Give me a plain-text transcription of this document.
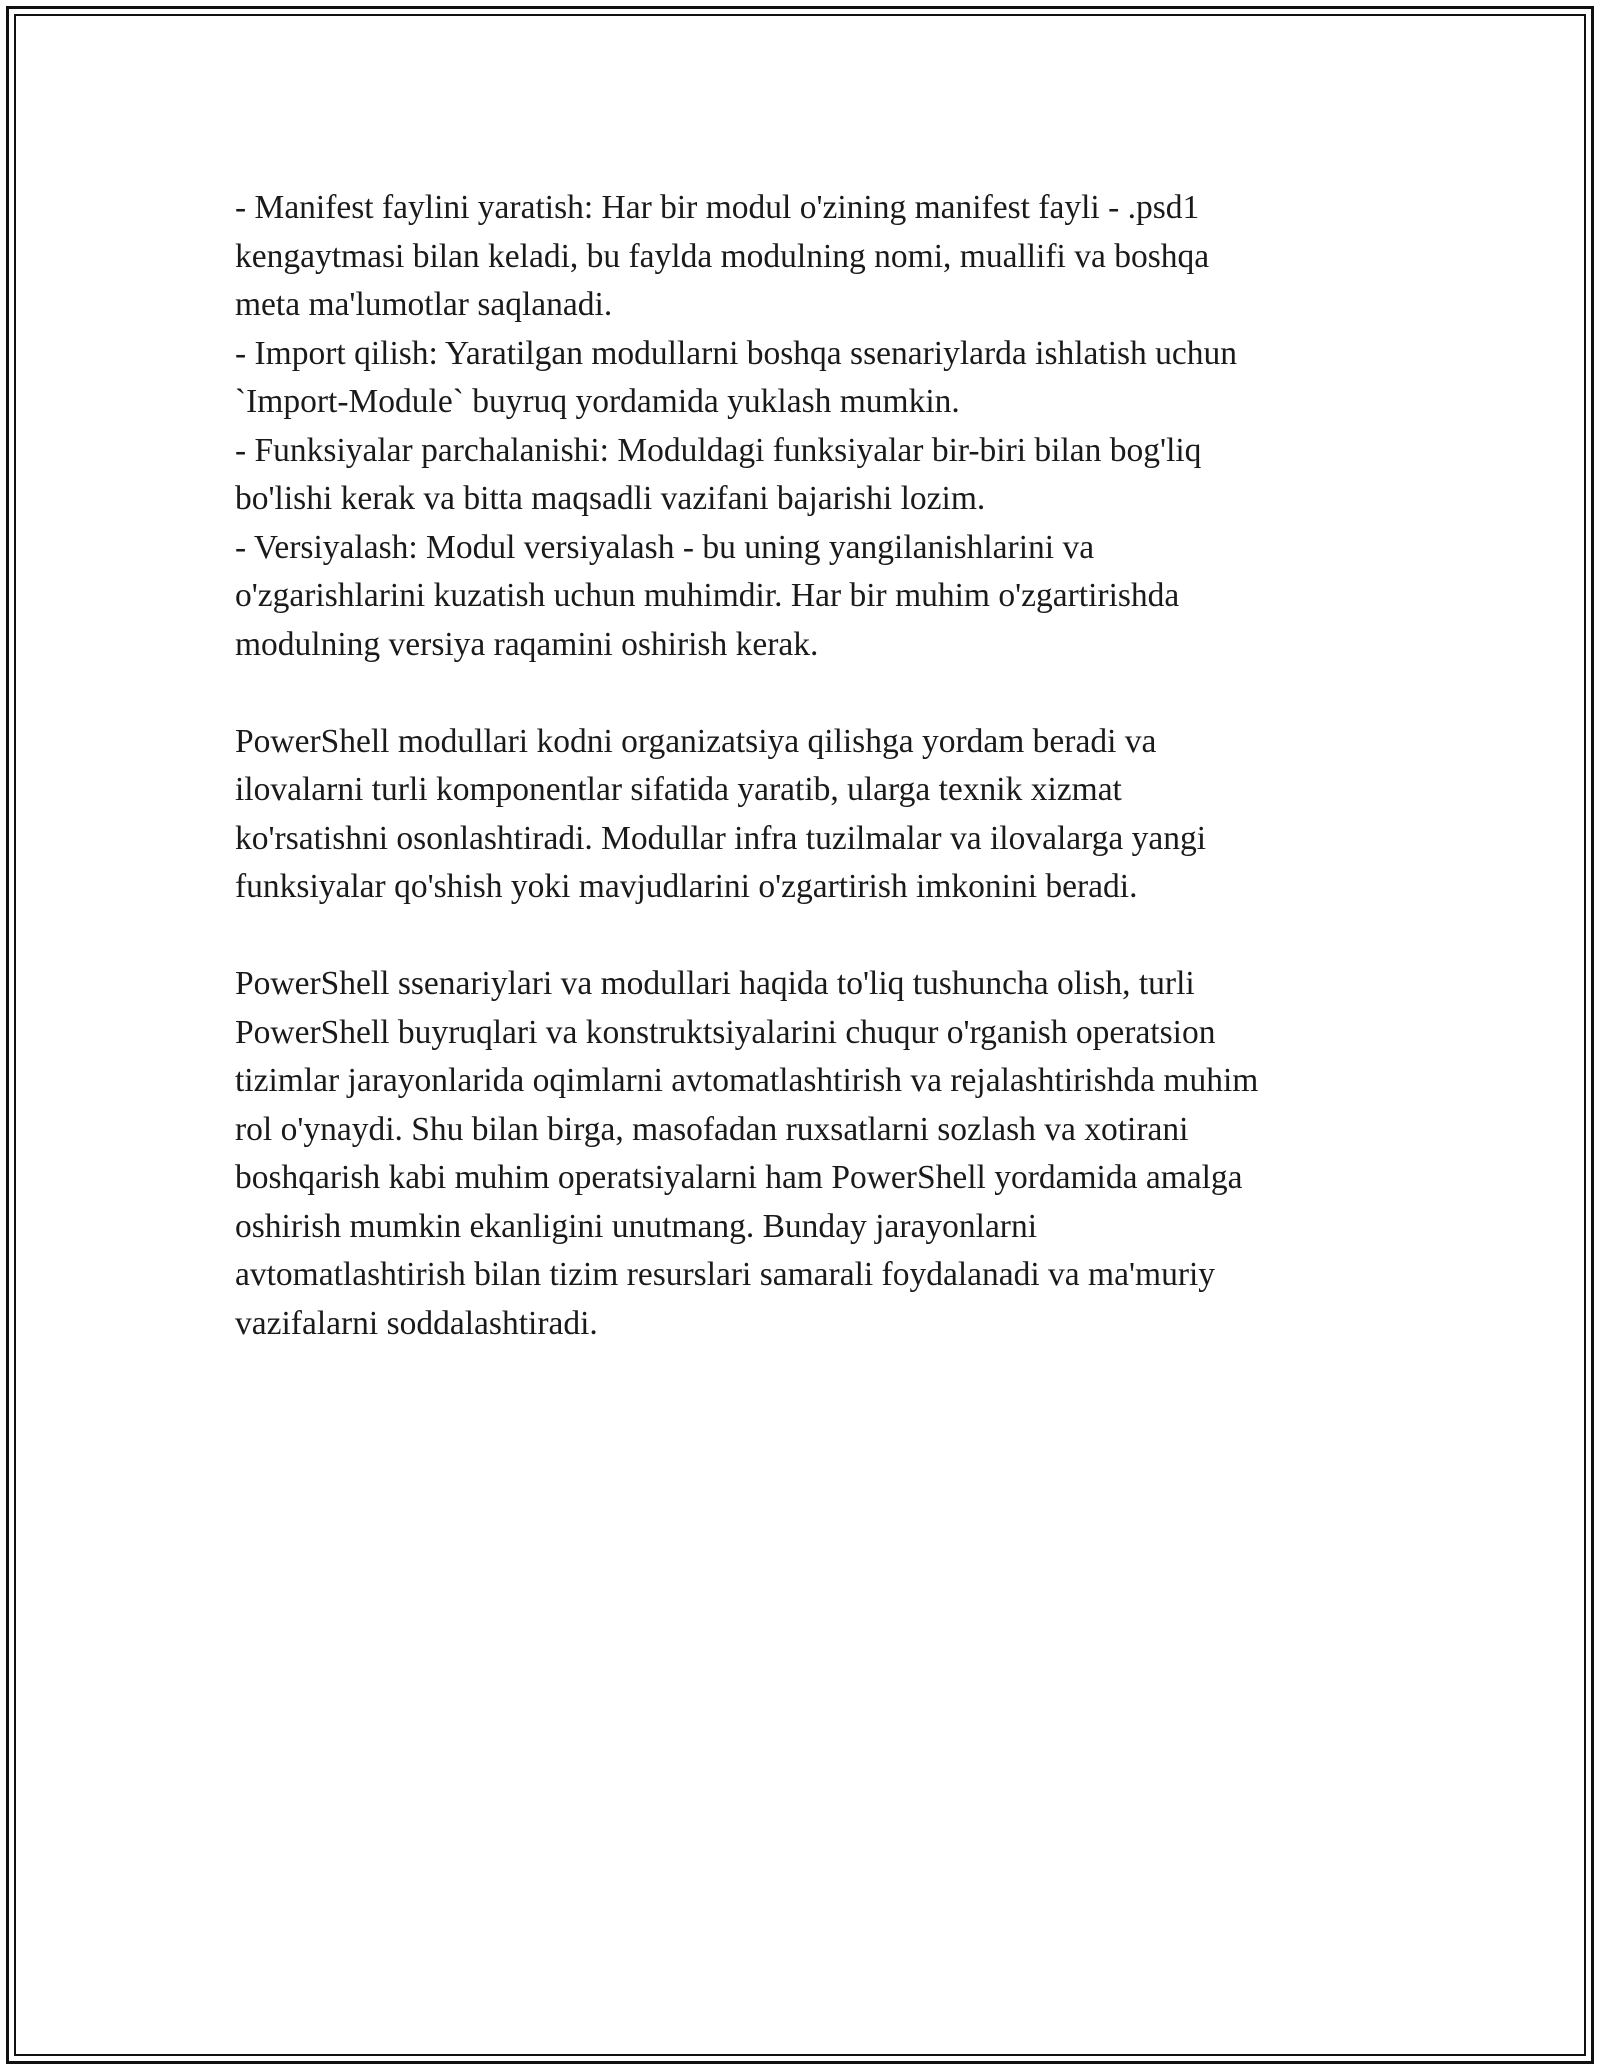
- Manifest faylini yaratish: Har bir modul o'zining manifest fayli - .psd1
kengaytmasi bilan keladi, bu faylda modulning nomi, muallifi va boshqa
meta ma'lumotlar saqlanadi.
- Import qilish: Yaratilgan modullarni boshqa ssenariylarda ishlatish uchun
`Import-Module` buyruq yordamida yuklash mumkin.
- Funksiyalar parchalanishi: Moduldagi funksiyalar bir-biri bilan bog'liq
bo'lishi kerak va bitta maqsadli vazifani bajarishi lozim.
- Versiyalash: Modul versiyalash - bu uning yangilanishlarini va
o'zgarishlarini kuzatish uchun muhimdir. Har bir muhim o'zgartirishda
modulning versiya raqamini oshirish kerak.

PowerShell modullari kodni organizatsiya qilishga yordam beradi va
ilovalarni turli komponentlar sifatida yaratib, ularga texnik xizmat
ko'rsatishni osonlashtiradi. Modullar infra tuzilmalar va ilovalarga yangi
funksiyalar qo'shish yoki mavjudlarini o'zgartirish imkonini beradi.

PowerShell ssenariylari va modullari haqida to'liq tushuncha olish, turli
PowerShell buyruqlari va konstruktsiyalarini chuqur o'rganish operatsion
tizimlar jarayonlarida oqimlarni avtomatlashtirish va rejalashtirishda muhim
rol o'ynaydi. Shu bilan birga, masofadan ruxsatlarni sozlash va xotirani
boshqarish kabi muhim operatsiyalarni ham PowerShell yordamida amalga
oshirish mumkin ekanligini unutmang. Bunday jarayonlarni
avtomatlashtirish bilan tizim resurslari samarali foydalanadi va ma'muriy
vazifalarni soddalashtiradi.
